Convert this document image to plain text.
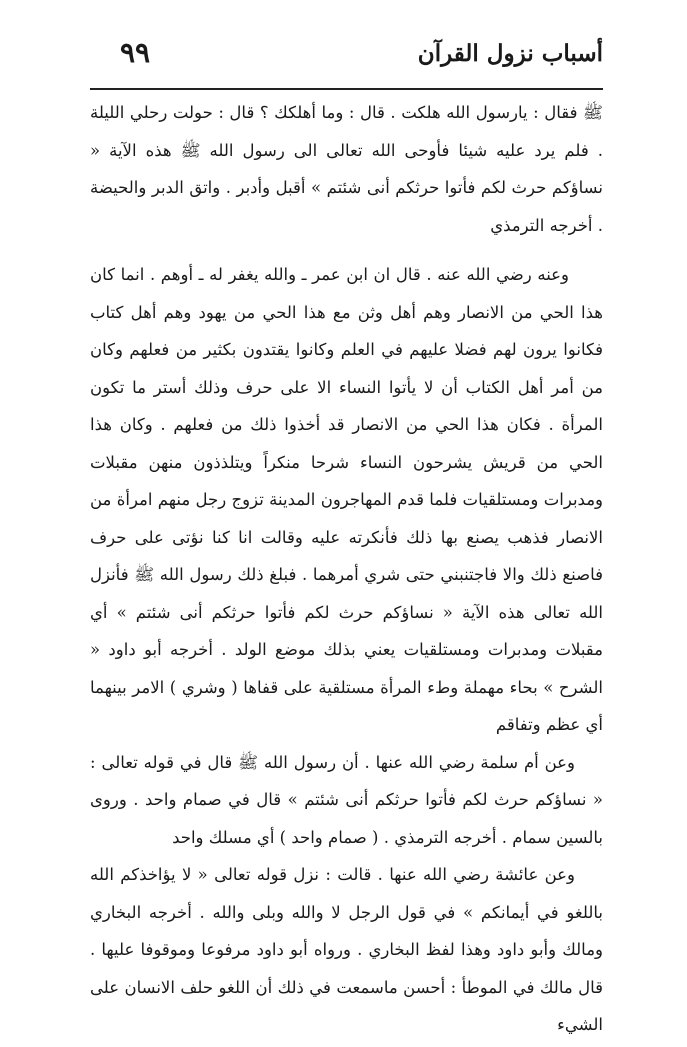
أسباب نزول القرآن
٩٩

ﷺ فقال : يارسول الله هلكت . قال : وما أهلكك ؟ قال : حولت رحلي الليلة . فلم يرد عليه شيئا فأوحى الله تعالى الى رسول الله ﷺ هذه الآية « نساؤكم حرث لكم فأتوا حرثكم أنى شئتم » أقبل وأدبر . واتق الدبر والحيضة . أخرجه الترمذي

وعنه رضي الله عنه . قال ان ابن عمر ـ والله يغفر له ـ أوهم . انما كان هذا الحي من الانصار وهم أهل وثن مع هذا الحي من يهود وهم أهل كتاب فكانوا يرون لهم فضلا عليهم في العلم وكانوا يقتدون بكثير من فعلهم وكان من أمر أهل الكتاب أن لا يأتوا النساء الا على حرف وذلك أستر ما تكون المرأة . فكان هذا الحي من الانصار قد أخذوا ذلك من فعلهم . وكان هذا الحي من قريش يشرحون النساء شرحا منكراً ويتلذذون منهن مقبلات ومدبرات ومستلقيات فلما قدم المهاجرون المدينة تزوج رجل منهم امرأة من الانصار فذهب يصنع بها ذلك فأنكرته عليه وقالت انا كنا نؤتى على حرف فاصنع ذلك والا فاجتنبني حتى شري أمرهما . فبلغ ذلك رسول الله ﷺ فأنزل الله تعالى هذه الآية « نساؤكم حرث لكم فأتوا حرثكم أنى شئتم » أي مقبلات ومدبرات ومستلقيات يعني بذلك موضع الولد . أخرجه أبو داود « الشرح » بحاء مهملة وطء المرأة مستلقية على قفاها ( وشري ) الامر بينهما أي عظم وتفاقم

وعن أم سلمة رضي الله عنها . أن رسول الله ﷺ قال في قوله تعالى : « نساؤكم حرث لكم فأتوا حرثكم أنى شئتم » قال في صمام واحد . وروى بالسين سمام . أخرجه الترمذي . ( صمام واحد ) أي مسلك واحد

وعن عائشة رضي الله عنها . قالت : نزل قوله تعالى « لا يؤاخذكم الله باللغو في أيمانكم » في قول الرجل لا والله وبلى والله . أخرجه البخاري ومالك وأبو داود وهذا لفظ البخاري . ورواه أبو داود مرفوعا وموقوفا عليها . قال مالك في الموطأ : أحسن ماسمعت في ذلك أن اللغو حلف الانسان على الشيء
